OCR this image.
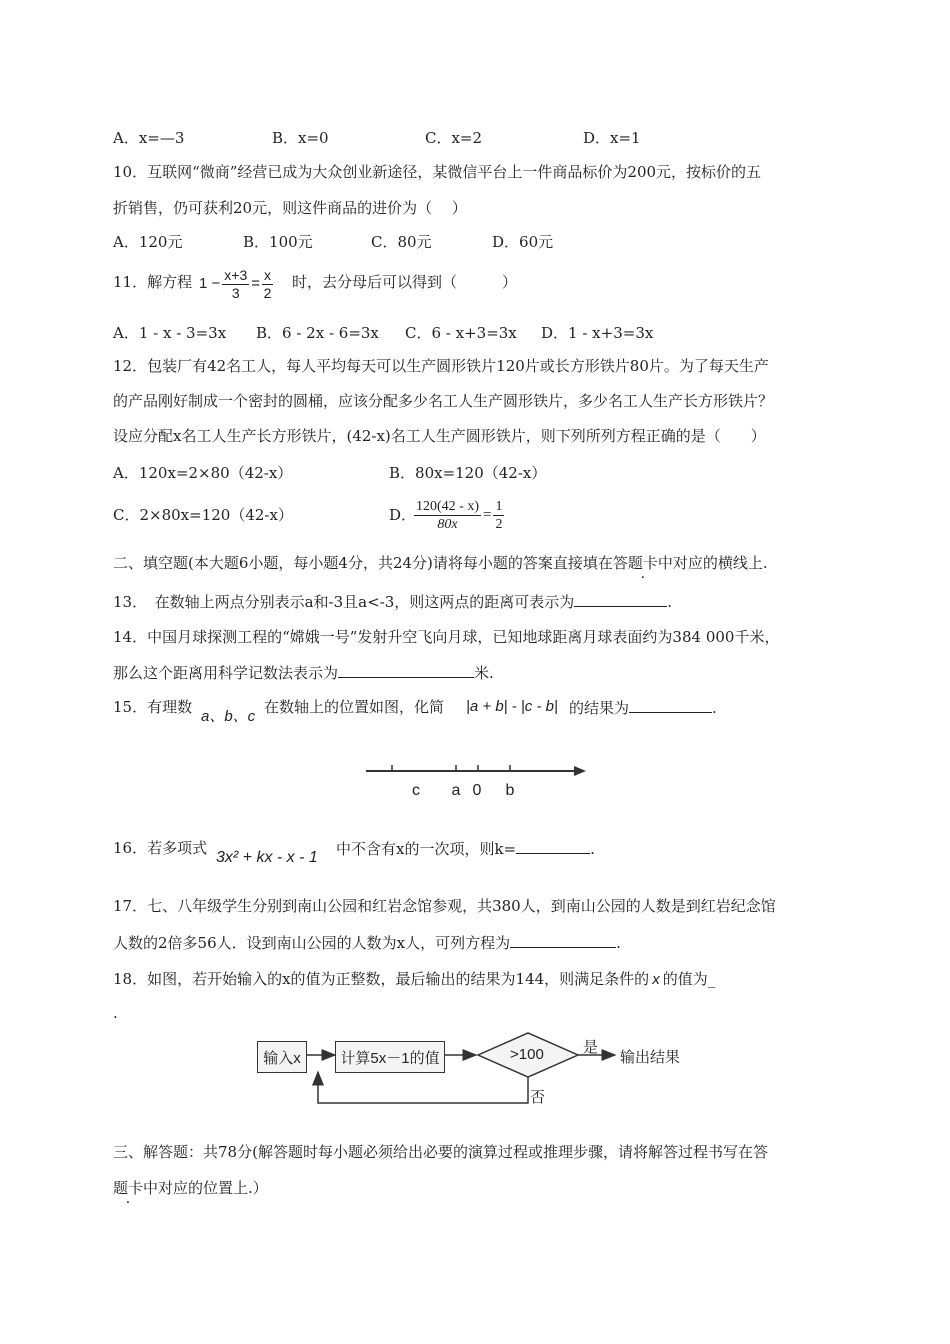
A．x=—3	B．x=0	C．x=2	D．x=1
10．互联网“微商”经营已成为大众创业新途径，某微信平台上一件商品标价为200元，按标价的五
折销售，仍可获利20元，则这件商品的进价为（　 ）
A．120元	B．100元	C．80元	D．60元
11．解方程 $1 - \frac{x+3}{3} = \frac{x}{2}$ 时，去分母后可以得到（　　　）
A．1 - x - 3=3x B．6 - 2x - 6=3x C．6 - x+3=3x D．1 - x+3=3x
12．包装厂有42名工人，每人平均每天可以生产圆形铁片120片或长方形铁片80片。为了每天生产
的产品刚好制成一个密封的圆桶，应该分配多少名工人生产圆形铁片，多少名工人生产长方形铁片？
设应分配x名工人生产长方形铁片，(42-x)名工人生产圆形铁片，则下列所列方程正确的是（　　）
A．120x=2×80（42-x）	B．80x=120（42-x）
C．2×80x=120（42-x）	D．
$\frac{120(42 - x)}{80x} = \frac{1}{2}$
二、填空题(本大题6小题，每小题4分，共24分)请将每小题的答案直接填在答题卡中对应的横线上.
13．　在数轴上两点分别表示a和-3且a<-3，则这两点的距离可表示为	.
14．中国月球探测工程的“嫦娥一号”发射升空飞向月球，已知地球距离月球表面约为384 000千米，
那么这个距离用科学记数法表示为	米.
15．有理数
a、b、c
在数轴上的位置如图，化简 |a + b| - |c - b| 的结果为	.
c a 0 b
16．若多项式
3x² + kx - x - 1 中不含有x的一次项，则k=	.
17．七、八年级学生分别到南山公园和红岩念馆参观，共380人，到南山公园的人数是到红岩纪念馆
人数的2倍多56人．设到南山公园的人数为x人，可列方程为	.
18．如图，若开始输入的x的值为正整数，最后输出的结果为144，则满足条件的 x 的值为_
.
输入x	计算5x－1的值	>100	是
否
输出结果
三、解答题：共78分(解答题时每小题必须给出必要的演算过程或推理步骤，请将解答过程书写在答
题卡中对应的位置上.）
